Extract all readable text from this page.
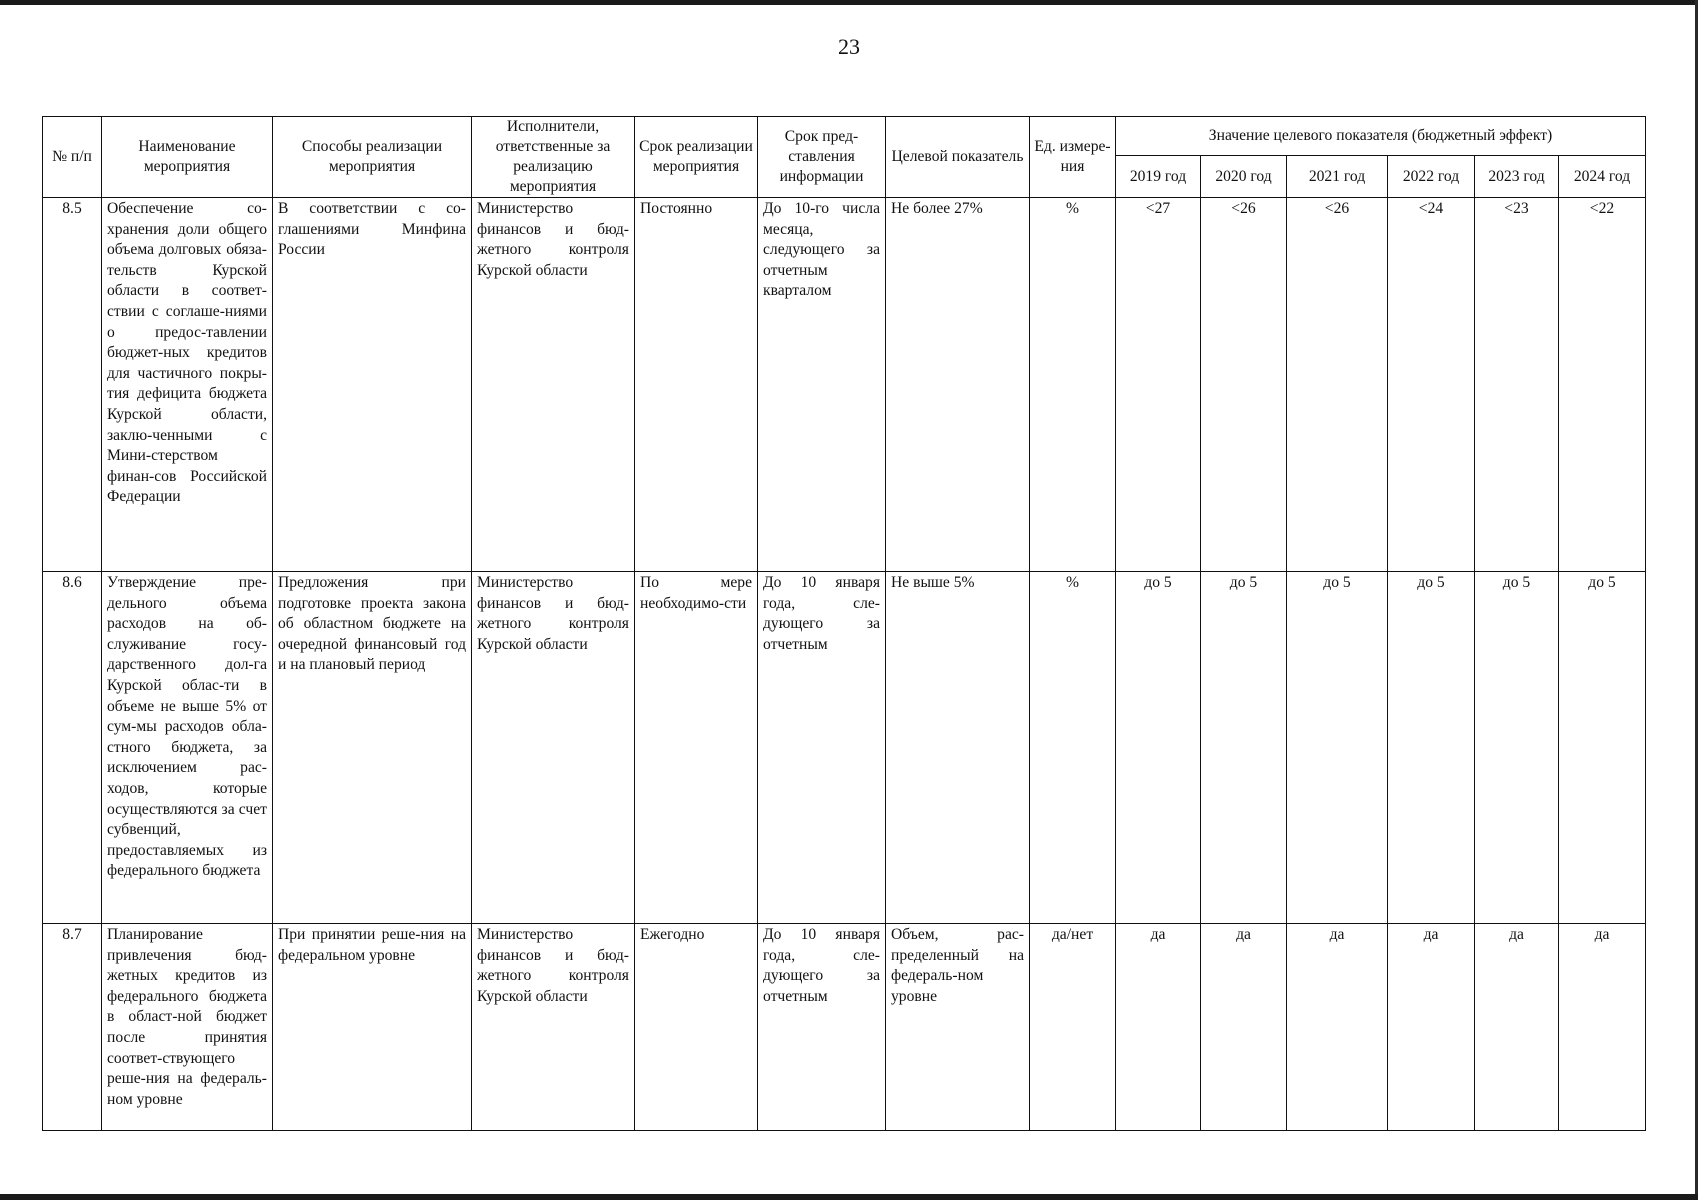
23
№ п/п	Наименование мероприятия	Способы реализации мероприятия	Исполнители, ответственные за реализацию мероприятия	Срок реализации мероприятия	Срок пред-ставления информации	Целевой показатель	Ед. измере-ния	Значение целевого показателя (бюджетный эффект)					
								2019 год	2020 год	2021 год	2022 год	2023 год	2024 год
8.5	Обеспечение со-хранения доли общего объема долговых обяза-тельств Курской области в соответ-ствии с соглаше-ниями о предос-тавлении бюджет-ных кредитов для частичного покры-тия дефицита бюджета Курской области, заклю-ченными с Мини-стерством финан-сов Российской Федерации	В соответствии с со-глашениями Минфина России	Министерство финансов и бюд-жетного контроля Курской области	Постоянно	До 10-го числа месяца, следующего за отчетным кварталом	Не более 27%	%	<27	<26	<26	<24	<23	<22
8.6	Утверждение пре-дельного объема расходов на об-служивание госу-дарственного дол-га Курской облас-ти в объеме не выше 5% от сум-мы расходов обла-стного бюджета, за исключением рас-ходов, которые осуществляются за счет субвенций, предоставляемых из федерального бюджета	Предложения при подготовке проекта закона об областном бюджете на очередной финансовый год и на плановый период	Министерство финансов и бюд-жетного контроля Курской области	По мере необходимо-сти	До 10 января года, сле-дующего за отчетным	Не выше 5%	%	до 5	до 5	до 5	до 5	до 5	до 5
8.7	Планирование привлечения бюд-жетных кредитов из федерального бюджета в област-ной бюджет после принятия соответ-ствующего реше-ния на федераль-ном уровне	При принятии реше-ния на федеральном уровне	Министерство финансов и бюд-жетного контроля Курской области	Ежегодно	До 10 января года, сле-дующего за отчетным	Объем, рас-пределенный на федераль-ном уровне	да/нет	да	да	да	да	да	да
